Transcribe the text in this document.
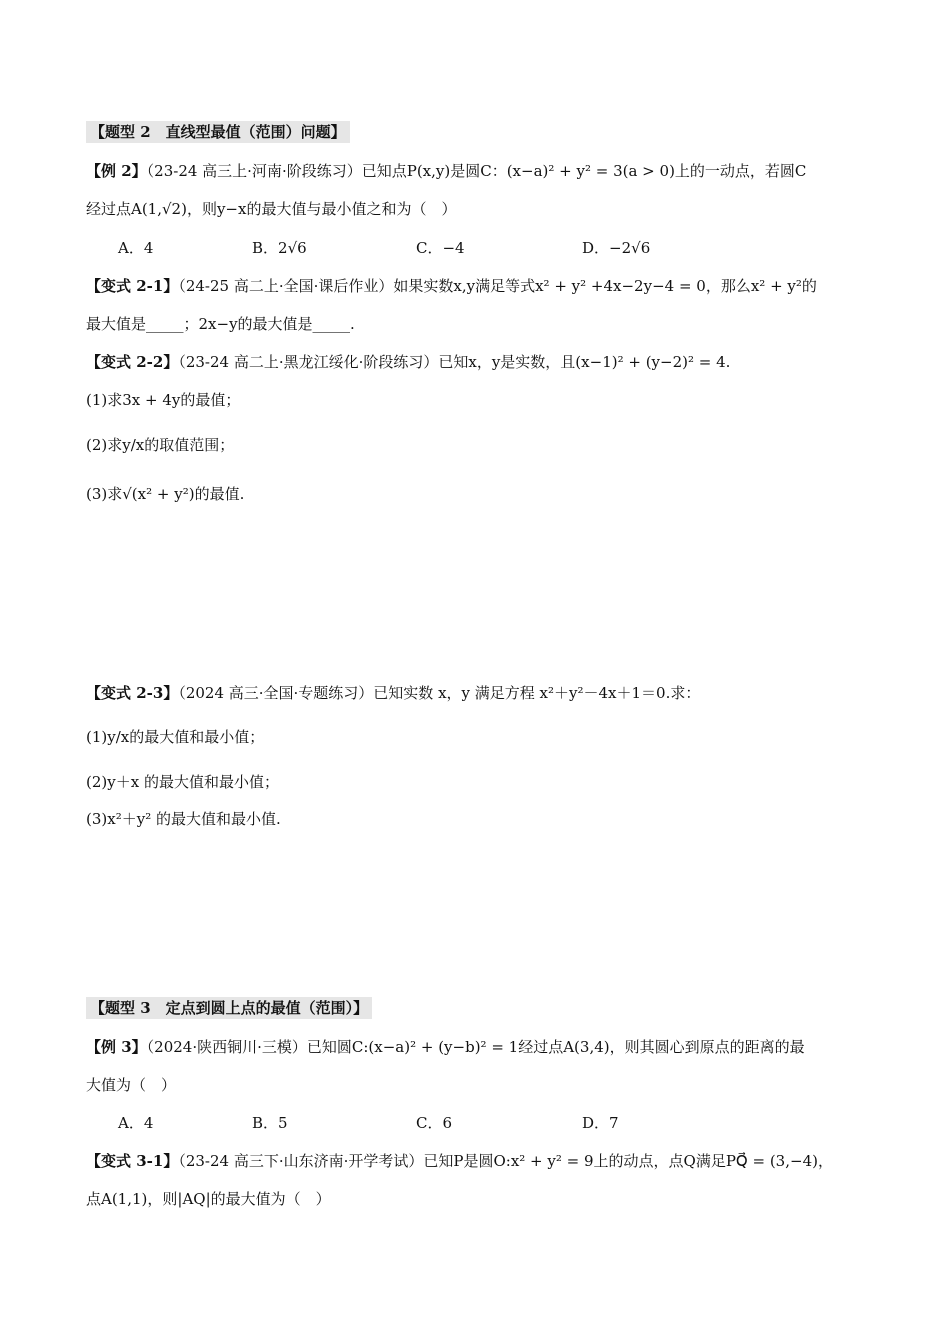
【题型 2　直线型最值（范围）问题】
【例 2】（23-24 高三上·河南·阶段练习）已知点P(x,y)是圆C：(x−a)² + y² = 3(a > 0)上的一动点，若圆C
经过点A(1,√2)，则y−x的最大值与最小值之和为（　）
A．4	B．2√6	C．−4	D．−2√6
【变式 2-1】（24-25 高二上·全国·课后作业）如果实数x,y满足等式x² + y² +4x−2y−4 = 0，那么x² + y²的
最大值是_____；2x−y的最大值是_____.
【变式 2-2】（23-24 高二上·黑龙江绥化·阶段练习）已知x，y是实数，且(x−1)² + (y−2)² = 4.
(1)求3x + 4y的最值；
(2)求y/x的取值范围；
(3)求√(x² + y²)的最值.
【变式 2-3】（2024 高三·全国·专题练习）已知实数 x，y 满足方程 x²＋y²－4x＋1＝0.求：
(1)y/x的最大值和最小值；
(2)y＋x 的最大值和最小值；
(3)x²＋y² 的最大值和最小值.
【题型 3　定点到圆上点的最值（范围）】
【例 3】（2024·陕西铜川·三模）已知圆C:(x−a)² + (y−b)² = 1经过点A(3,4)，则其圆心到原点的距离的最
大值为（　）
A．4	B．5	C．6	D．7
【变式 3-1】（23-24 高三下·山东济南·开学考试）已知P是圆O:x² + y² = 9上的动点，点Q满足PQ⃗ = (3,−4)，
点A(1,1)，则|AQ|的最大值为（　）
